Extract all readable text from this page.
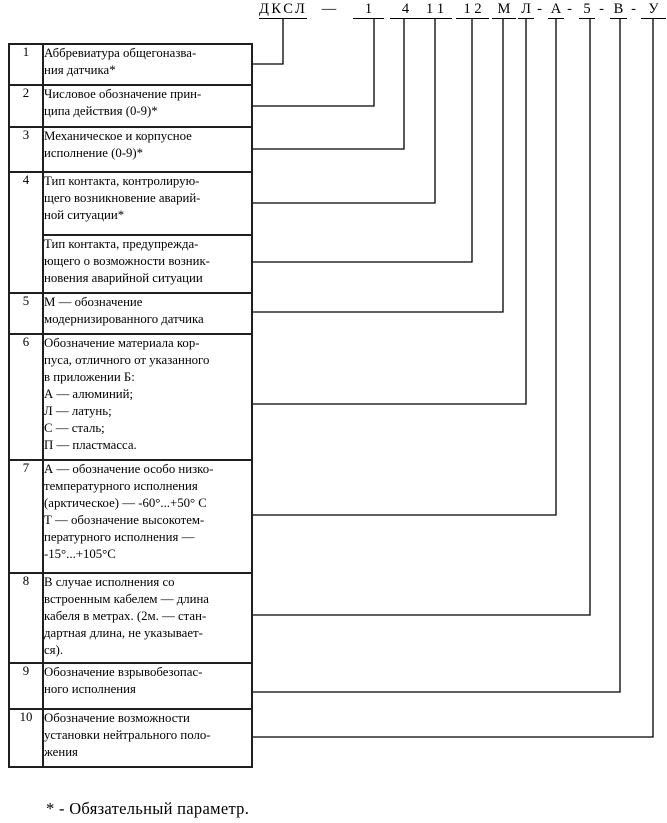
ДКСЛ —	1	4	1 1	1 2	М Л - А - 5 - В - У
1	Аббревиатура общегоназва-
ния датчика*

2	Числовое обозначение прин-
ципа действия (0-9)*

3	Механическое и корпусное
исполнение (0-9)*

4	Тип контакта, контролирую-
щего возникновение аварий-
ной ситуации*

	Тип контакта, предупрежда-
ющего о возможности возник-
новения аварийной ситуации

5	М — обозначение
модернизированного датчика

6	Обозначение материала кор-
пуса, отличного от указанного
в приложении Б:
А — алюминий;
Л — латунь;
С — сталь;
П — пластмасса.

7	А — обозначение особо низко-
температурного исполнения
(арктическое) — -60°...+50° С
Т — обозначение высокотем-
пературного исполнения —
-15°...+105°С

8	В случае исполнения со
встроенным кабелем — длина
кабеля в метрах. (2м. — стан-
дартная длина, не указывает-
ся).

9	Обозначение взрывобезопас-
ного исполнения

10	Обозначение возможности
установки нейтрального поло-
жения
* - Обязательный параметр.
